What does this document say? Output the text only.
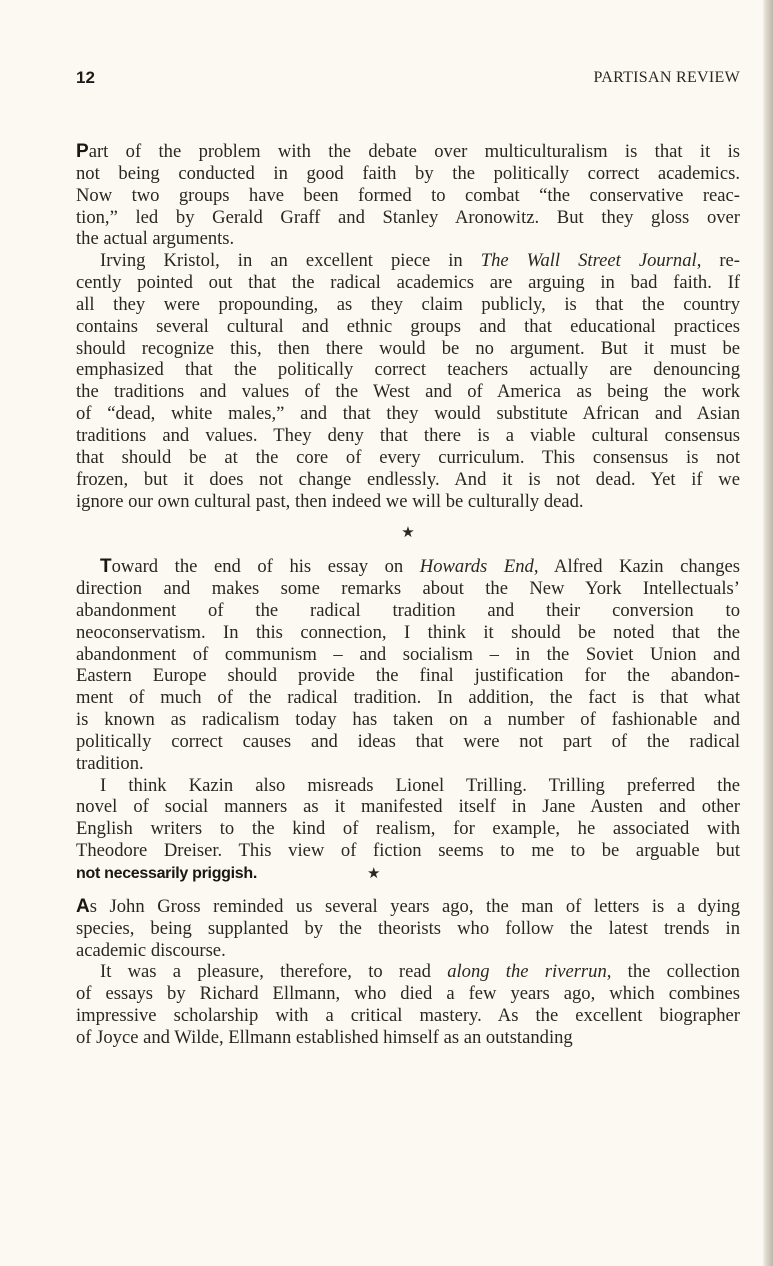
12	PARTISAN REVIEW
Part of the problem with the debate over multiculturalism is that it is
not being conducted in good faith by the politically correct academics.
Now two groups have been formed to combat “the conservative reac-
tion,” led by Gerald Graff and Stanley Aronowitz. But they gloss over
the actual arguments.
Irving Kristol, in an excellent piece in The Wall Street Journal, re-
cently pointed out that the radical academics are arguing in bad faith. If
all they were propounding, as they claim publicly, is that the country
contains several cultural and ethnic groups and that educational practices
should recognize this, then there would be no argument. But it must be
emphasized that the politically correct teachers actually are denouncing
the traditions and values of the West and of America as being the work
of “dead, white males,” and that they would substitute African and Asian
traditions and values. They deny that there is a viable cultural consensus
that should be at the core of every curriculum. This consensus is not
frozen, but it does not change endlessly. And it is not dead. Yet if we
ignore our own cultural past, then indeed we will be culturally dead.
★
Toward the end of his essay on Howards End, Alfred Kazin changes
direction and makes some remarks about the New York Intellectuals’
abandonment of the radical tradition and their conversion to
neoconservatism. In this connection, I think it should be noted that the
abandonment of communism – and socialism – in the Soviet Union and
Eastern Europe should provide the final justification for the abandon-
ment of much of the radical tradition. In addition, the fact is that what
is known as radicalism today has taken on a number of fashionable and
politically correct causes and ideas that were not part of the radical
tradition.
I think Kazin also misreads Lionel Trilling. Trilling preferred the
novel of social manners as it manifested itself in Jane Austen and other
English writers to the kind of realism, for example, he associated with
Theodore Dreiser. This view of fiction seems to me to be arguable but
not necessarily priggish.	★
As John Gross reminded us several years ago, the man of letters is a dying
species, being supplanted by the theorists who follow the latest trends in
academic discourse.
It was a pleasure, therefore, to read along the riverrun, the collection
of essays by Richard Ellmann, who died a few years ago, which combines
impressive scholarship with a critical mastery. As the excellent biographer
of Joyce and Wilde, Ellmann established himself as an outstanding
